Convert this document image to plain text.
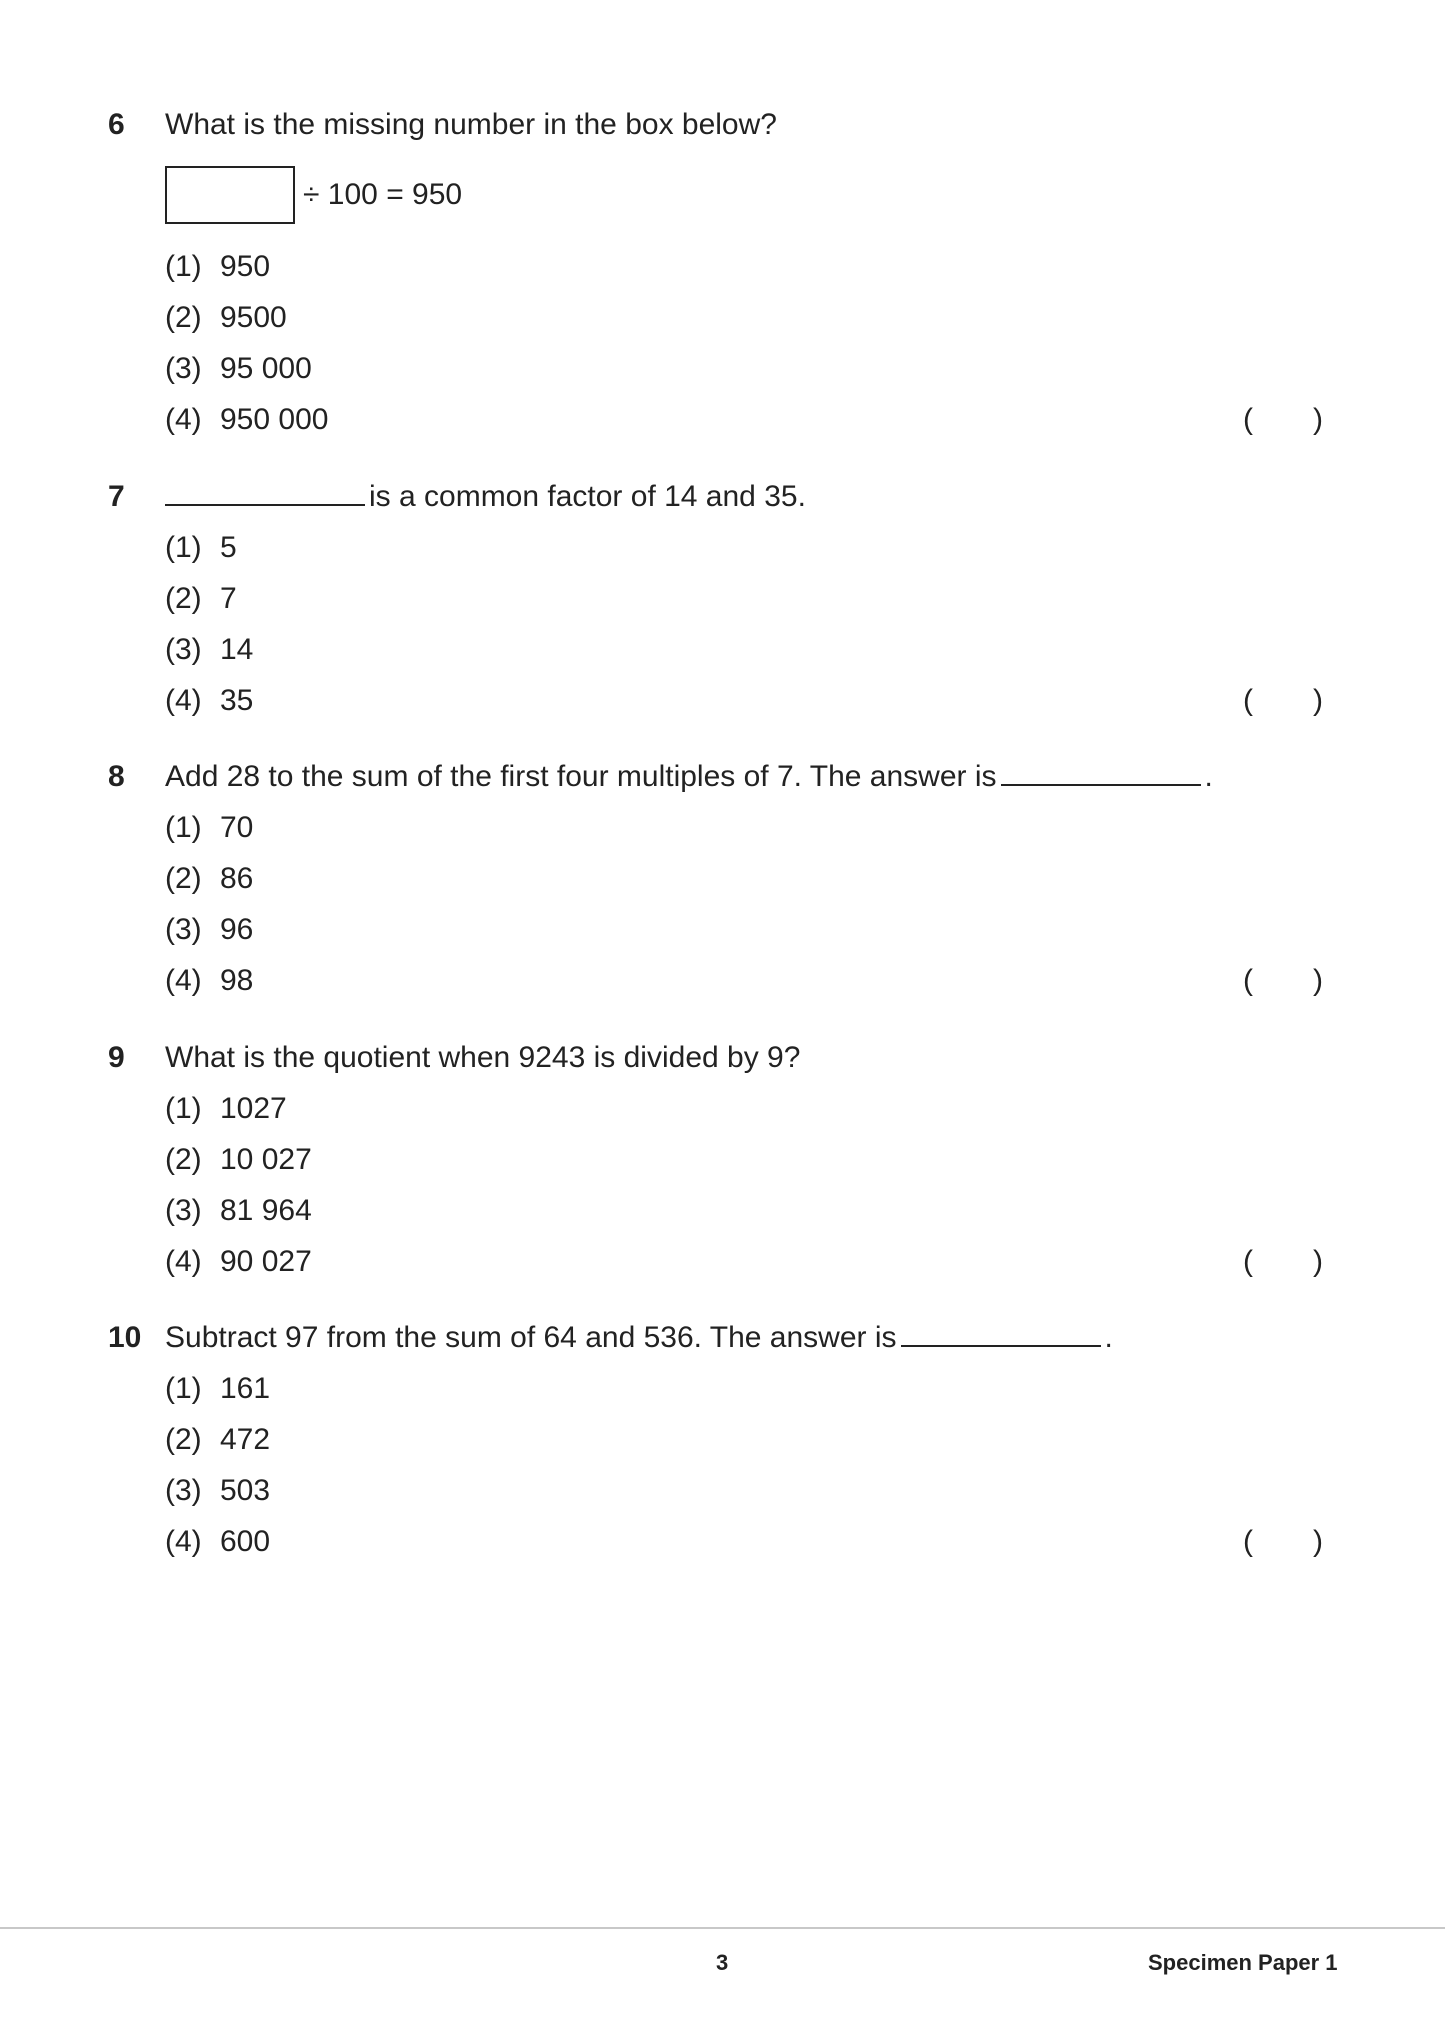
6 What is the missing number in the box below?
÷ 100 = 950
(1) 950
(2) 9500
(3) 95 000
(4) 950 000	( )
7	is a common factor of 14 and 35.
(1) 5
(2) 7
(3) 14
(4) 35	( )
8 Add 28 to the sum of the first four multiples of 7. The answer is	.
(1) 70
(2) 86
(3) 96
(4) 98	( )
9 What is the quotient when 9243 is divided by 9?
(1) 1027
(2) 10 027
(3) 81 964
(4) 90 027	( )
10 Subtract 97 from the sum of 64 and 536. The answer is	.
(1) 161
(2) 472
(3) 503
(4) 600	( )
3	Specimen Paper 1
